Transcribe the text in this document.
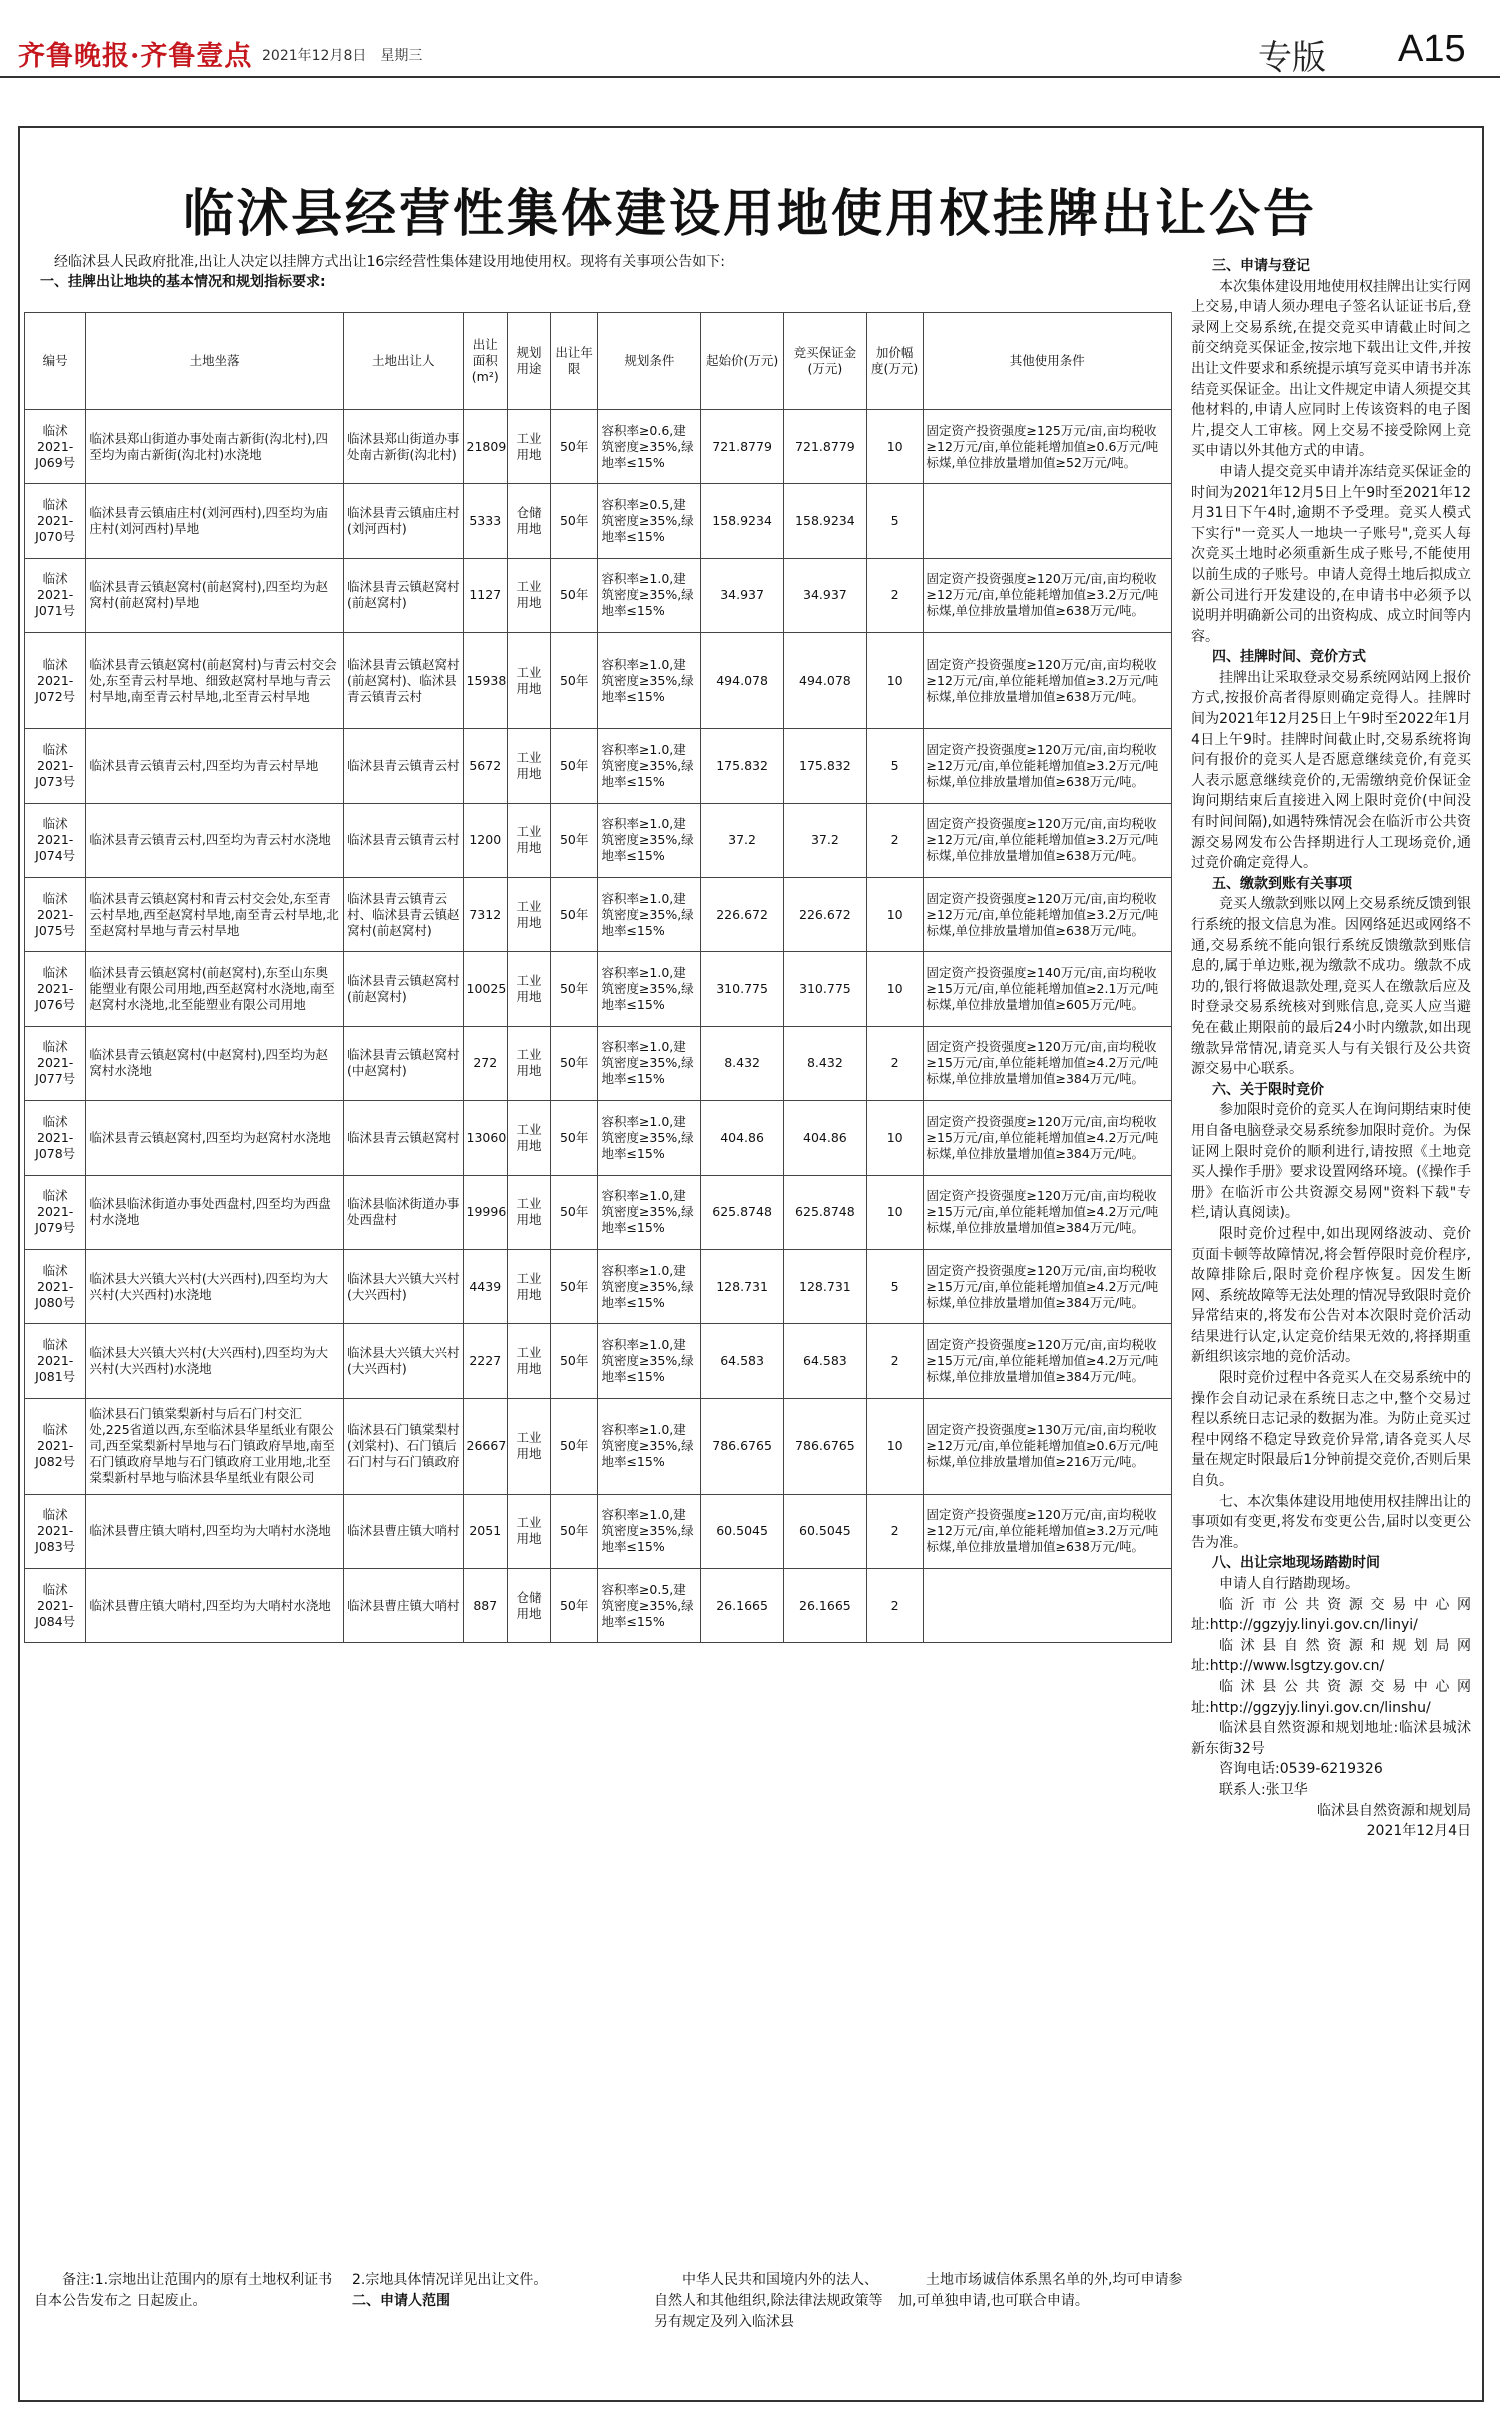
齐鲁晚报·齐鲁壹点 2021年12月8日　星期三	专版 A15
临沭县经营性集体建设用地使用权挂牌出让公告
经临沭县人民政府批准,出让人决定以挂牌方式出让16宗经营性集体建设用地使用权。现将有关事项公告如下:
一、挂牌出让地块的基本情况和规划指标要求:
编号	土地坐落	土地出让人	出让面积(m²)	规划用途	出让年限	规划条件	起始价(万元)	竞买保证金(万元)	加价幅度(万元)	其他使用条件
临沭2021-J069号	临沭县郑山街道办事处南古新街(沟北村),四至均为南古新街(沟北村)水浇地	临沭县郑山街道办事处南古新街(沟北村)	21809	工业用地	50年	容积率≥0.6,建筑密度≥35%,绿地率≤15%	721.8779	721.8779	10	固定资产投资强度≥125万元/亩,亩均税收≥12万元/亩,单位能耗增加值≥0.6万元/吨标煤,单位排放量增加值≥52万元/吨。
临沭2021-J070号	临沭县青云镇庙庄村(刘河西村),四至均为庙庄村(刘河西村)旱地	临沭县青云镇庙庄村(刘河西村)	5333	仓储用地	50年	容积率≥0.5,建筑密度≥35%,绿地率≤15%	158.9234	158.9234	5	
临沭2021-J071号	临沭县青云镇赵窝村(前赵窝村),四至均为赵窝村(前赵窝村)旱地	临沭县青云镇赵窝村(前赵窝村)	1127	工业用地	50年	容积率≥1.0,建筑密度≥35%,绿地率≤15%	34.937	34.937	2	固定资产投资强度≥120万元/亩,亩均税收≥12万元/亩,单位能耗增加值≥3.2万元/吨标煤,单位排放量增加值≥638万元/吨。
临沭2021-J072号	临沭县青云镇赵窝村(前赵窝村)与青云村交会处,东至青云村旱地、细致赵窝村旱地与青云村旱地,南至青云村旱地,北至青云村旱地	临沭县青云镇赵窝村(前赵窝村)、临沭县青云镇青云村	15938	工业用地	50年	容积率≥1.0,建筑密度≥35%,绿地率≤15%	494.078	494.078	10	固定资产投资强度≥120万元/亩,亩均税收≥12万元/亩,单位能耗增加值≥3.2万元/吨标煤,单位排放量增加值≥638万元/吨。
临沭2021-J073号	临沭县青云镇青云村,四至均为青云村旱地	临沭县青云镇青云村	5672	工业用地	50年	容积率≥1.0,建筑密度≥35%,绿地率≤15%	175.832	175.832	5	固定资产投资强度≥120万元/亩,亩均税收≥12万元/亩,单位能耗增加值≥3.2万元/吨标煤,单位排放量增加值≥638万元/吨。
临沭2021-J074号	临沭县青云镇青云村,四至均为青云村水浇地	临沭县青云镇青云村	1200	工业用地	50年	容积率≥1.0,建筑密度≥35%,绿地率≤15%	37.2	37.2	2	固定资产投资强度≥120万元/亩,亩均税收≥12万元/亩,单位能耗增加值≥3.2万元/吨标煤,单位排放量增加值≥638万元/吨。
临沭2021-J075号	临沭县青云镇赵窝村和青云村交会处,东至青云村旱地,西至赵窝村旱地,南至青云村旱地,北至赵窝村旱地与青云村旱地	临沭县青云镇青云村、临沭县青云镇赵窝村(前赵窝村)	7312	工业用地	50年	容积率≥1.0,建筑密度≥35%,绿地率≤15%	226.672	226.672	10	固定资产投资强度≥120万元/亩,亩均税收≥12万元/亩,单位能耗增加值≥3.2万元/吨标煤,单位排放量增加值≥638万元/吨。
临沭2021-J076号	临沭县青云镇赵窝村(前赵窝村),东至山东奥能塑业有限公司用地,西至赵窝村水浇地,南至赵窝村水浇地,北至能塑业有限公司用地	临沭县青云镇赵窝村(前赵窝村)	10025	工业用地	50年	容积率≥1.0,建筑密度≥35%,绿地率≤15%	310.775	310.775	10	固定资产投资强度≥140万元/亩,亩均税收≥15万元/亩,单位能耗增加值≥2.1万元/吨标煤,单位排放量增加值≥605万元/吨。
临沭2021-J077号	临沭县青云镇赵窝村(中赵窝村),四至均为赵窝村水浇地	临沭县青云镇赵窝村(中赵窝村)	272	工业用地	50年	容积率≥1.0,建筑密度≥35%,绿地率≤15%	8.432	8.432	2	固定资产投资强度≥120万元/亩,亩均税收≥15万元/亩,单位能耗增加值≥4.2万元/吨标煤,单位排放量增加值≥384万元/吨。
临沭2021-J078号	临沭县青云镇赵窝村,四至均为赵窝村水浇地	临沭县青云镇赵窝村	13060	工业用地	50年	容积率≥1.0,建筑密度≥35%,绿地率≤15%	404.86	404.86	10	固定资产投资强度≥120万元/亩,亩均税收≥15万元/亩,单位能耗增加值≥4.2万元/吨标煤,单位排放量增加值≥384万元/吨。
临沭2021-J079号	临沭县临沭街道办事处西盘村,四至均为西盘村水浇地	临沭县临沭街道办事处西盘村	19996	工业用地	50年	容积率≥1.0,建筑密度≥35%,绿地率≤15%	625.8748	625.8748	10	固定资产投资强度≥120万元/亩,亩均税收≥15万元/亩,单位能耗增加值≥4.2万元/吨标煤,单位排放量增加值≥384万元/吨。
临沭2021-J080号	临沭县大兴镇大兴村(大兴西村),四至均为大兴村(大兴西村)水浇地	临沭县大兴镇大兴村(大兴西村)	4439	工业用地	50年	容积率≥1.0,建筑密度≥35%,绿地率≤15%	128.731	128.731	5	固定资产投资强度≥120万元/亩,亩均税收≥15万元/亩,单位能耗增加值≥4.2万元/吨标煤,单位排放量增加值≥384万元/吨。
临沭2021-J081号	临沭县大兴镇大兴村(大兴西村),四至均为大兴村(大兴西村)水浇地	临沭县大兴镇大兴村(大兴西村)	2227	工业用地	50年	容积率≥1.0,建筑密度≥35%,绿地率≤15%	64.583	64.583	2	固定资产投资强度≥120万元/亩,亩均税收≥15万元/亩,单位能耗增加值≥4.2万元/吨标煤,单位排放量增加值≥384万元/吨。
临沭2021-J082号	临沭县石门镇棠梨新村与后石门村交汇处,225省道以西,东至临沭县华星纸业有限公司,西至棠梨新村旱地与石门镇政府旱地,南至石门镇政府旱地与石门镇政府工业用地,北至棠梨新村旱地与临沭县华星纸业有限公司	临沭县石门镇棠梨村(刘棠村)、石门镇后石门村与石门镇政府	26667	工业用地	50年	容积率≥1.0,建筑密度≥35%,绿地率≤15%	786.6765	786.6765	10	固定资产投资强度≥130万元/亩,亩均税收≥12万元/亩,单位能耗增加值≥0.6万元/吨标煤,单位排放量增加值≥216万元/吨。
临沭2021-J083号	临沭县曹庄镇大哨村,四至均为大哨村水浇地	临沭县曹庄镇大哨村	2051	工业用地	50年	容积率≥1.0,建筑密度≥35%,绿地率≤15%	60.5045	60.5045	2	固定资产投资强度≥120万元/亩,亩均税收≥12万元/亩,单位能耗增加值≥3.2万元/吨标煤,单位排放量增加值≥638万元/吨。
临沭2021-J084号	临沭县曹庄镇大哨村,四至均为大哨村水浇地	临沭县曹庄镇大哨村	887	仓储用地	50年	容积率≥0.5,建筑密度≥35%,绿地率≤15%	26.1665	26.1665	2	

三、申请与登记

本次集体建设用地使用权挂牌出让实行网上交易,申请人须办理电子签名认证证书后,登录网上交易系统,在提交竞买申请截止时间之前交纳竞买保证金,按宗地下载出让文件,并按出让文件要求和系统提示填写竞买申请书并冻结竞买保证金。出让文件规定申请人须提交其他材料的,申请人应同时上传该资料的电子图片,提交人工审核。网上交易不接受除网上竞买申请以外其他方式的申请。

申请人提交竞买申请并冻结竞买保证金的时间为2021年12月5日上午9时至2021年12月31日下午4时,逾期不予受理。竞买人模式下实行"一竞买人一地块一子账号",竞买人每次竞买土地时必须重新生成子账号,不能使用以前生成的子账号。申请人竞得土地后拟成立新公司进行开发建设的,在申请书中必须予以说明并明确新公司的出资构成、成立时间等内容。

四、挂牌时间、竞价方式

挂牌出让采取登录交易系统网站网上报价方式,按报价高者得原则确定竞得人。挂牌时间为2021年12月25日上午9时至2022年1月4日上午9时。挂牌时间截止时,交易系统将询问有报价的竞买人是否愿意继续竞价,有竞买人表示愿意继续竞价的,无需缴纳竞价保证金询问期结束后直接进入网上限时竞价(中间没有时间间隔),如遇特殊情况会在临沂市公共资源交易网发布公告择期进行人工现场竞价,通过竞价确定竞得人。

五、缴款到账有关事项

竞买人缴款到账以网上交易系统反馈到银行系统的报文信息为准。因网络延迟或网络不通,交易系统不能向银行系统反馈缴款到账信息的,属于单边账,视为缴款不成功。缴款不成功的,银行将做退款处理,竞买人在缴款后应及时登录交易系统核对到账信息,竞买人应当避免在截止期限前的最后24小时内缴款,如出现缴款异常情况,请竞买人与有关银行及公共资源交易中心联系。

六、关于限时竞价

参加限时竞价的竞买人在询问期结束时使用自备电脑登录交易系统参加限时竞价。为保证网上限时竞价的顺利进行,请按照《土地竞买人操作手册》要求设置网络环境。(《操作手册》在临沂市公共资源交易网"资料下载"专栏,请认真阅读)。

限时竞价过程中,如出现网络波动、竞价页面卡顿等故障情况,将会暂停限时竞价程序,故障排除后,限时竞价程序恢复。因发生断网、系统故障等无法处理的情况导致限时竞价异常结束的,将发布公告对本次限时竞价活动结果进行认定,认定竞价结果无效的,将择期重新组织该宗地的竞价活动。

限时竞价过程中各竞买人在交易系统中的操作会自动记录在系统日志之中,整个交易过程以系统日志记录的数据为准。为防止竞买过程中网络不稳定导致竞价异常,请各竞买人尽量在规定时限最后1分钟前提交竞价,否则后果自负。

七、本次集体建设用地使用权挂牌出让的事项如有变更,将发布变更公告,届时以变更公告为准。

八、出让宗地现场踏勘时间

申请人自行踏勘现场。

临沂市公共资源交易中心网址:http://ggzyjy.linyi.gov.cn/linyi/

临沭县自然资源和规划局网址:http://www.lsgtzy.gov.cn/

临沭县公共资源交易中心网址:http://ggzyjy.linyi.gov.cn/linshu/

临沭县自然资源和规划地址:临沭县城沭新东街32号

咨询电话:0539-6219326

联系人:张卫华

临沭县自然资源和规划局

2021年12月4日

备注:1.宗地出让范围内的原有土地权利证书自本公告发布之 日起废止。

2.宗地具体情况详见出让文件。

二、申请人范围

中华人民共和国境内外的法人、自然人和其他组织,除法律法规政策等另有规定及列入临沭县

土地市场诚信体系黑名单的外,均可申请参加,可单独申请,也可联合申请。
